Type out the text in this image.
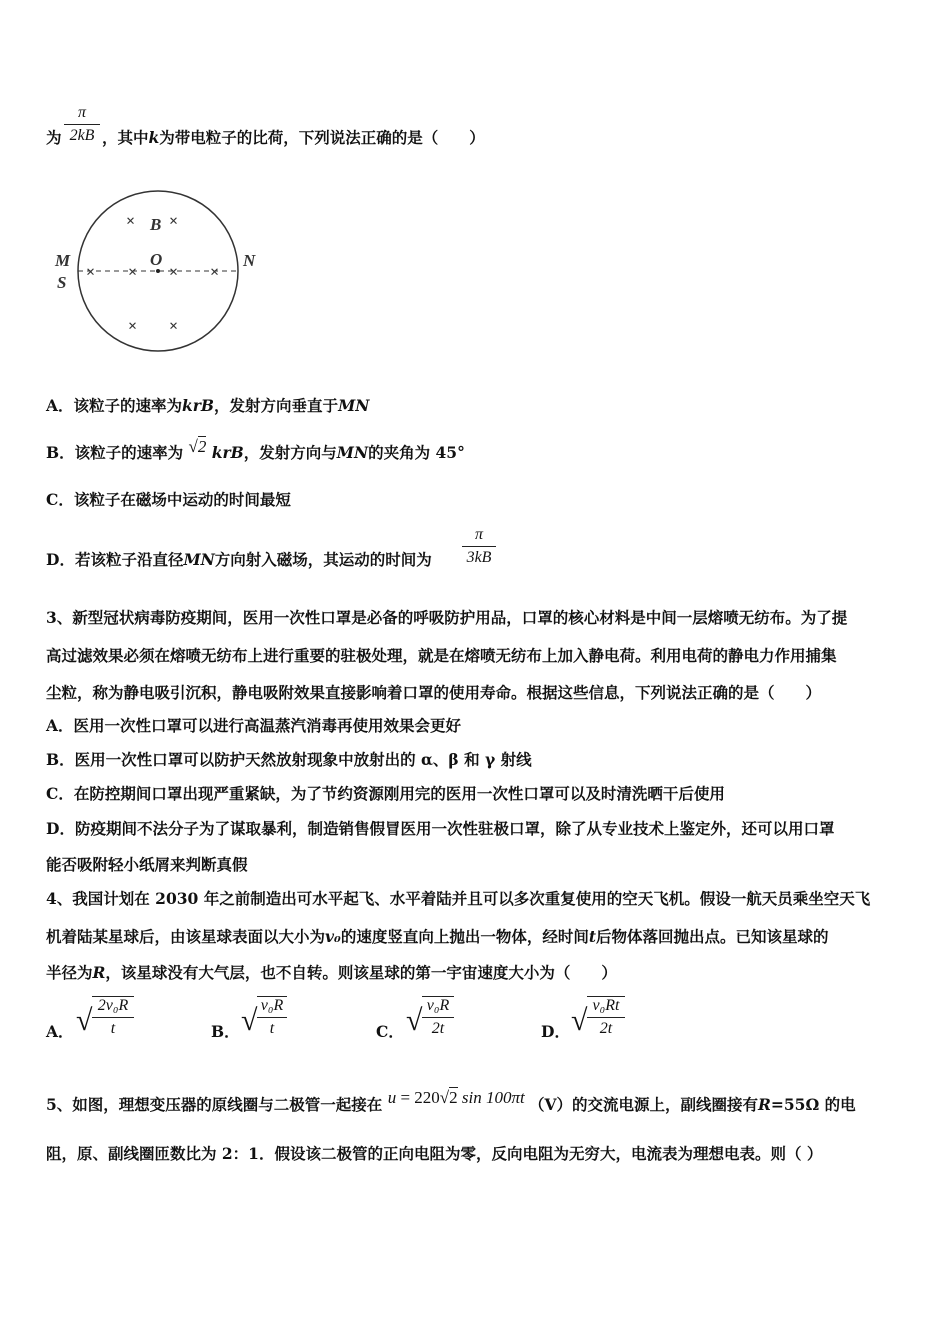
为
π
2kB ，其中k为带电粒子的比荷，下列说法正确的是（　　）
B
O
M
S
N
× ×
× × × ×
× ×
A．该粒子的速率为krB，发射方向垂直于MN
B．该粒子的速率为 √2 krB，发射方向与MN的夹角为 45°
C．该粒子在磁场中运动的时间最短
D．若该粒子沿直径MN方向射入磁场，其运动的时间为
π
3kB
3、新型冠状病毒防疫期间，医用一次性口罩是必备的呼吸防护用品，口罩的核心材料是中间一层熔喷无纺布。为了提
高过滤效果必须在熔喷无纺布上进行重要的驻极处理，就是在熔喷无纺布上加入静电荷。利用电荷的静电力作用捕集
尘粒，称为静电吸引沉积，静电吸附效果直接影响着口罩的使用寿命。根据这些信息，下列说法正确的是（　　）
A．医用一次性口罩可以进行高温蒸汽消毒再使用效果会更好
B．医用一次性口罩可以防护天然放射现象中放射出的 α、β 和 γ 射线
C．在防控期间口罩出现严重紧缺，为了节约资源刚用完的医用一次性口罩可以及时清洗晒干后使用
D．防疫期间不法分子为了谋取暴利，制造销售假冒医用一次性驻极口罩，除了从专业技术上鉴定外，还可以用口罩
能否吸附轻小纸屑来判断真假
4、我国计划在 2030 年之前制造出可水平起飞、水平着陆并且可以多次重复使用的空天飞机。假设一航天员乘坐空天飞
机着陆某星球后，由该星球表面以大小为v₀的速度竖直向上抛出一物体，经时间t后物体落回抛出点。已知该星球的
半径为R，该星球没有大气层，也不自转。则该星球的第一宇宙速度大小为（　　）
A． √ 2v₀R
t	B． √ v₀R
t	C． √ v₀R
2t	D． √ v₀Rt
2t
5、如图，理想变压器的原线圈与二极管一起接在 u = 220√2 sin 100πt （V）的交流电源上，副线圈接有R=55Ω 的电
阻，原、副线圈匝数比为 2：1．假设该二极管的正向电阻为零，反向电阻为无穷大，电流表为理想电表。则（ ）
